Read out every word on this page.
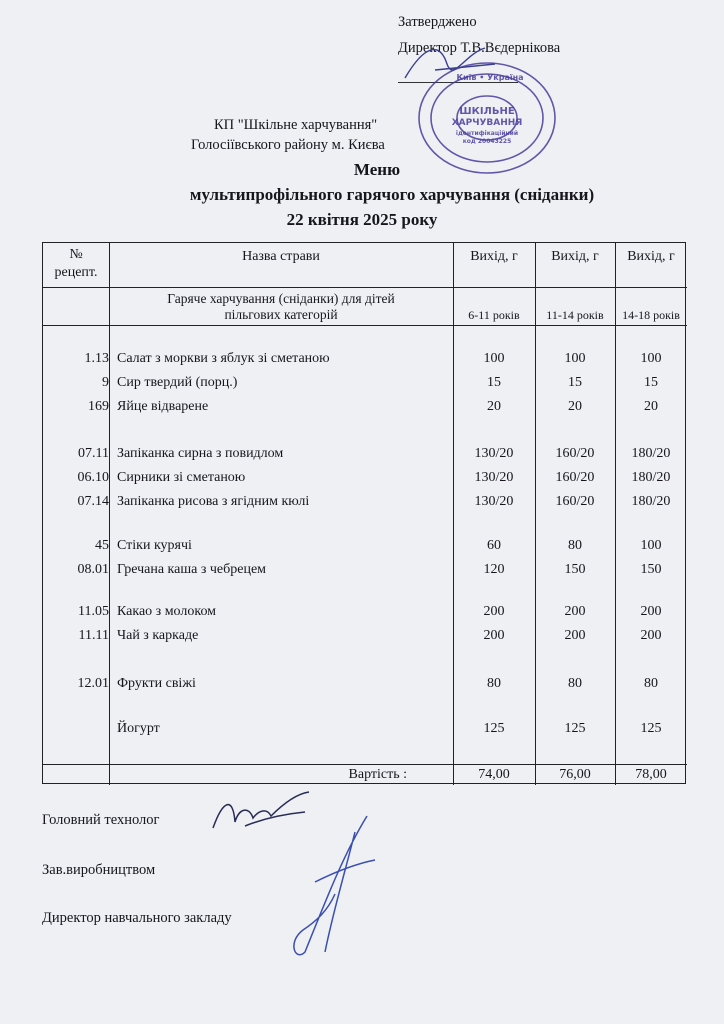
Затверджено
Директор Т.В.Вєдернікова
Київ • Україна
ШКІЛЬНЕ
ХАРЧУВАННЯ
ідентифікаційний
код 20043225
КП "Шкільне харчування"
Голосіївського району м. Києва
Меню
мультипрофільного гарячого харчування (сніданки)
22 квітня 2025 року
№
рецепт.
Назва страви	Вихід, г	Вихід, г	Вихід, г
Гаряче харчування (сніданки) для дітей
пільгових категорій	6-11 років	11-14 років	14-18 років
1.13 Салат з моркви з яблук зі сметаною	100	100	100
9 Сир твердий (порц.)	15	15	15
169 Яйце відварене	20	20	20
07.11 Запіканка сирна з повидлом	130/20	160/20	180/20
06.10 Сирники зі сметаною	130/20	160/20	180/20
07.14 Запіканка рисова з ягідним кюлі	130/20	160/20	180/20
45 Стіки курячі	60	80	100
08.01 Гречана каша з чебрецем	120	150	150
11.05 Какао з молоком	200	200	200
11.11 Чай з каркаде	200	200	200
12.01 Фрукти свіжі	80	80	80
Йогурт	125	125	125
Вартість :	74,00	76,00	78,00
Головний технолог
Зав.виробництвом
Директор навчального закладу
